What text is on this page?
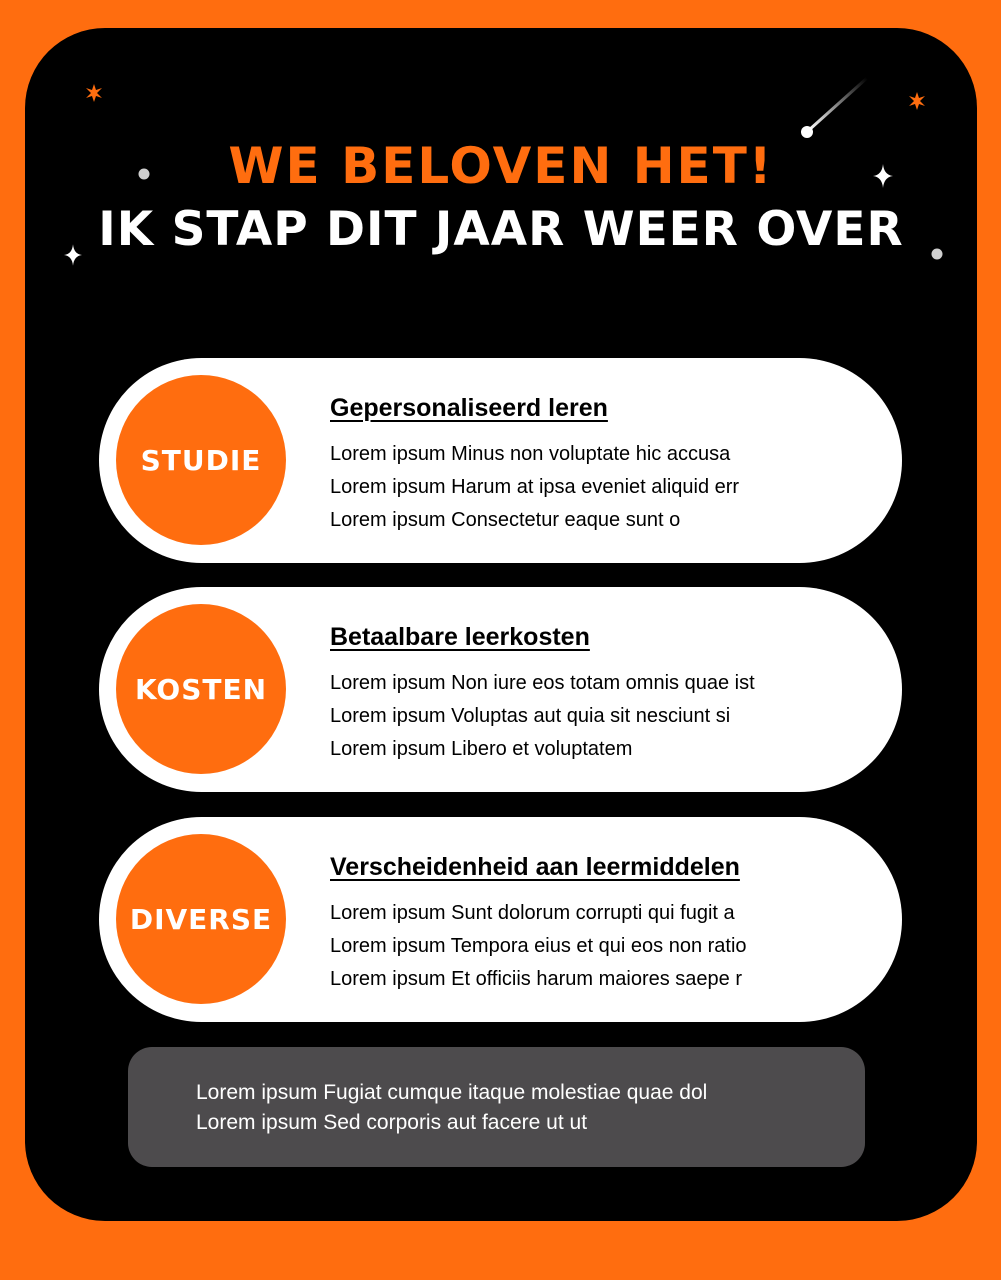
WE BELOVEN HET!
IK STAP DIT JAAR WEER OVER
STUDIE
Gepersonaliseerd leren
Lorem ipsum Minus non voluptate hic accusa
Lorem ipsum Harum at ipsa eveniet aliquid err
Lorem ipsum Consectetur eaque sunt o
KOSTEN
Betaalbare leerkosten
Lorem ipsum Non iure eos totam omnis quae ist
Lorem ipsum Voluptas aut quia sit nesciunt si
Lorem ipsum Libero et voluptatem
DIVERSE
Verscheidenheid aan leermiddelen
Lorem ipsum Sunt dolorum corrupti qui fugit a
Lorem ipsum Tempora eius et qui eos non ratio
Lorem ipsum Et officiis harum maiores saepe r
Lorem ipsum Fugiat cumque itaque molestiae quae dol
Lorem ipsum Sed corporis aut facere ut ut
